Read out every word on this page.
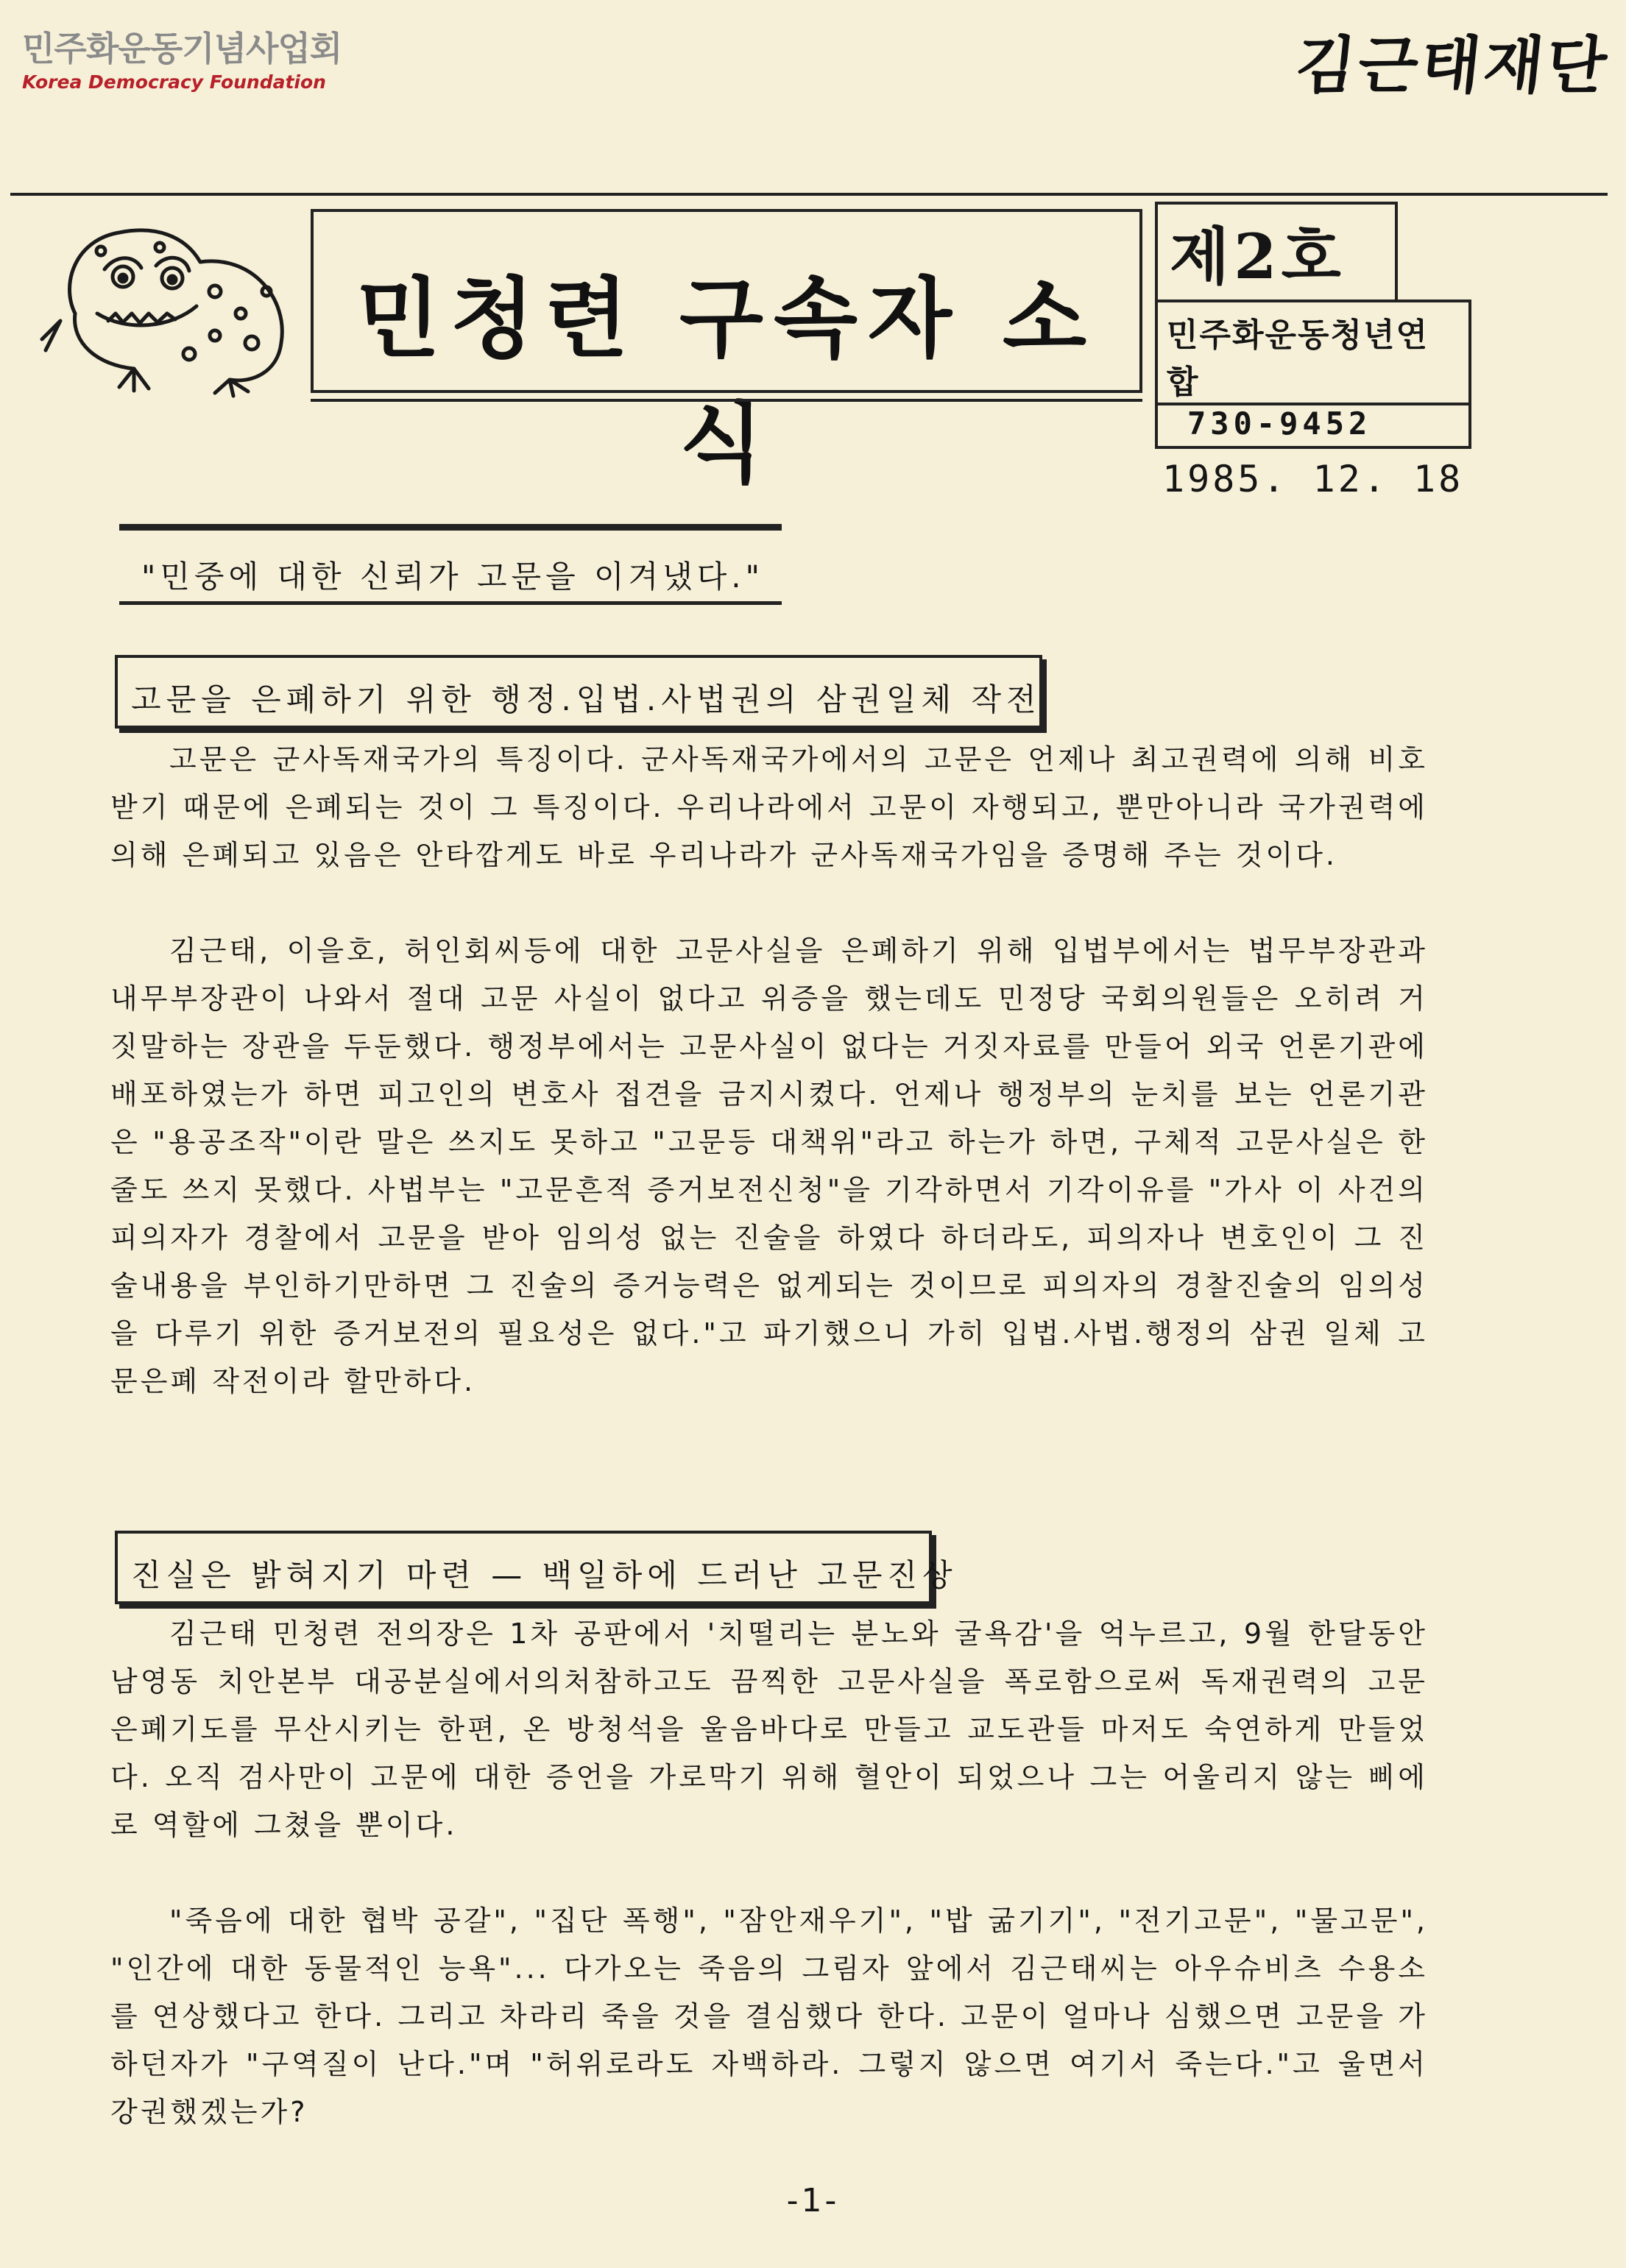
민주화운동기념사업회
Korea Democracy Foundation	김근태재단
민청련 구속자 소식
제2호
민주화운동청년연합
730-9452
1985. 12. 18
"민중에 대한 신뢰가 고문을 이겨냈다."
고문을 은폐하기 위한 행정.입법.사법권의 삼권일체 작전

고문은 군사독재국가의 특징이다. 군사독재국가에서의 고문은 언제나 최고권력에 의해 비호받기 때문에 은폐되는 것이 그 특징이다. 우리나라에서 고문이 자행되고, 뿐만아니라 국가권력에 의해 은폐되고 있음은 안타깝게도 바로 우리나라가 군사독재국가임을 증명해 주는 것이다.

김근태, 이을호, 허인회씨등에 대한 고문사실을 은폐하기 위해 입법부에서는 법무부장관과 내무부장관이 나와서 절대 고문 사실이 없다고 위증을 했는데도 민정당 국회의원들은 오히려 거짓말하는 장관을 두둔했다. 행정부에서는 고문사실이 없다는 거짓자료를 만들어 외국 언론기관에 배포하였는가 하면 피고인의 변호사 접견을 금지시켰다. 언제나 행정부의 눈치를 보는 언론기관은 "용공조작"이란 말은 쓰지도 못하고 "고문등 대책위"라고 하는가 하면, 구체적 고문사실은 한줄도 쓰지 못했다. 사법부는 "고문흔적 증거보전신청"을 기각하면서 기각이유를 "가사 이 사건의 피의자가 경찰에서 고문을 받아 임의성 없는 진술을 하였다 하더라도, 피의자나 변호인이 그 진술내용을 부인하기만하면 그 진술의 증거능력은 없게되는 것이므로 피의자의 경찰진술의 임의성을 다루기 위한 증거보전의 필요성은 없다."고 파기했으니 가히 입법.사법.행정의 삼권 일체 고문은폐 작전이라 할만하다.

진실은 밝혀지기 마련 — 백일하에 드러난 고문진상

김근태 민청련 전의장은 1차 공판에서 '치떨리는 분노와 굴욕감'을 억누르고, 9월 한달동안 남영동 치안본부 대공분실에서의처참하고도 끔찍한 고문사실을 폭로함으로써 독재권력의 고문 은폐기도를 무산시키는 한편, 온 방청석을 울음바다로 만들고 교도관들 마저도 숙연하게 만들었다. 오직 검사만이 고문에 대한 증언을 가로막기 위해 혈안이 되었으나 그는 어울리지 않는 삐에로 역할에 그쳤을 뿐이다.

"죽음에 대한 협박 공갈", "집단 폭행", "잠안재우기", "밥 굶기기", "전기고문", "물고문", "인간에 대한 동물적인 능욕"... 다가오는 죽음의 그림자 앞에서 김근태씨는 아우슈비츠 수용소를 연상했다고 한다. 그리고 차라리 죽을 것을 결심했다 한다. 고문이 얼마나 심했으면 고문을 가하던자가 "구역질이 난다."며 "허위로라도 자백하라. 그렇지 않으면 여기서 죽는다."고 울면서 강권했겠는가?

-1-
